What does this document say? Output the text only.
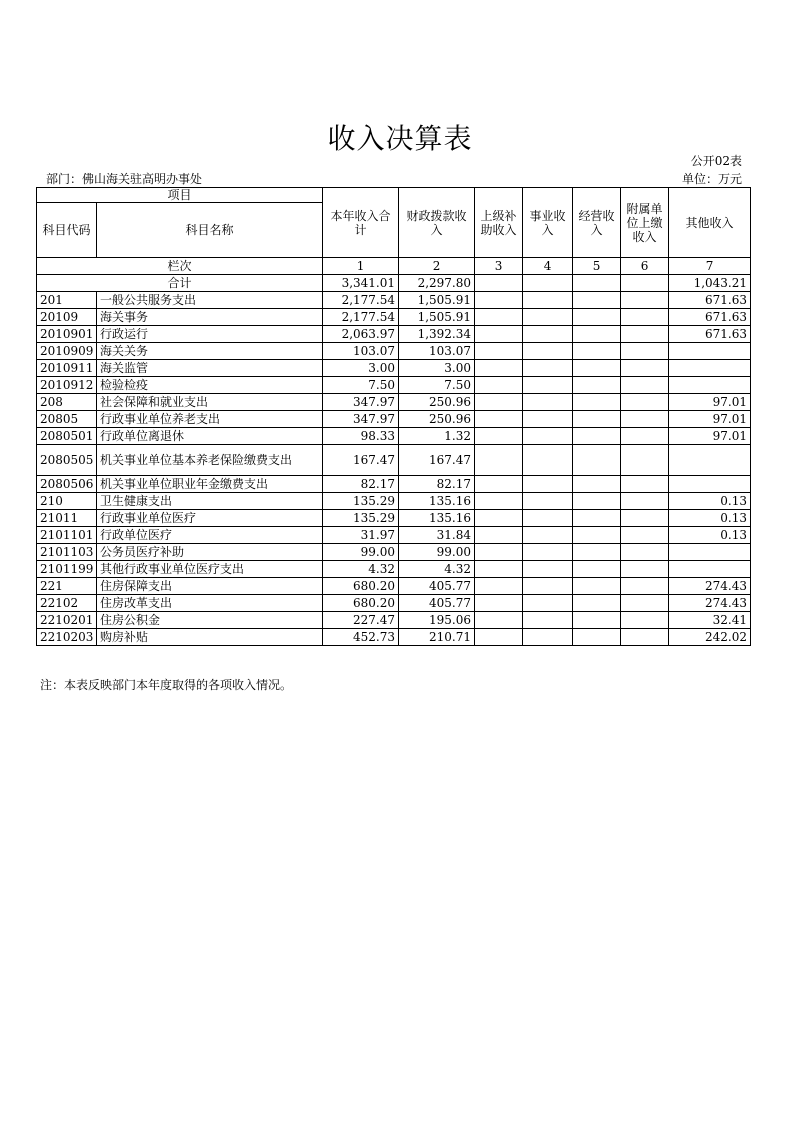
收入决算表
公开02表
部门：佛山海关驻高明办事处	单位：万元
项目		本年收入合计	财政拨款收入	上级补助收入	事业收入	经营收入	附属单位上缴收入	其他收入
科目代码	科目名称							
栏次		1	2	3	4	5	6	7
合计		3,341.01	2,297.80					1,043.21
201	一般公共服务支出	2,177.54	1,505.91					671.63
20109	海关事务	2,177.54	1,505.91					671.63
2010901	行政运行	2,063.97	1,392.34					671.63
2010909	海关关务	103.07	103.07					
2010911	海关监管	3.00	3.00					
2010912	检验检疫	7.50	7.50					
208	社会保障和就业支出	347.97	250.96					97.01
20805	行政事业单位养老支出	347.97	250.96					97.01
2080501	行政单位离退休	98.33	1.32					97.01
2080505	机关事业单位基本养老保险缴费支出	167.47	167.47					
2080506	机关事业单位职业年金缴费支出	82.17	82.17					
210	卫生健康支出	135.29	135.16					0.13
21011	行政事业单位医疗	135.29	135.16					0.13
2101101	行政单位医疗	31.97	31.84					0.13
2101103	公务员医疗补助	99.00	99.00					
2101199	其他行政事业单位医疗支出	4.32	4.32					
221	住房保障支出	680.20	405.77					274.43
22102	住房改革支出	680.20	405.77					274.43
2210201	住房公积金	227.47	195.06					32.41
2210203	购房补贴	452.73	210.71					242.02
注：本表反映部门本年度取得的各项收入情况。
